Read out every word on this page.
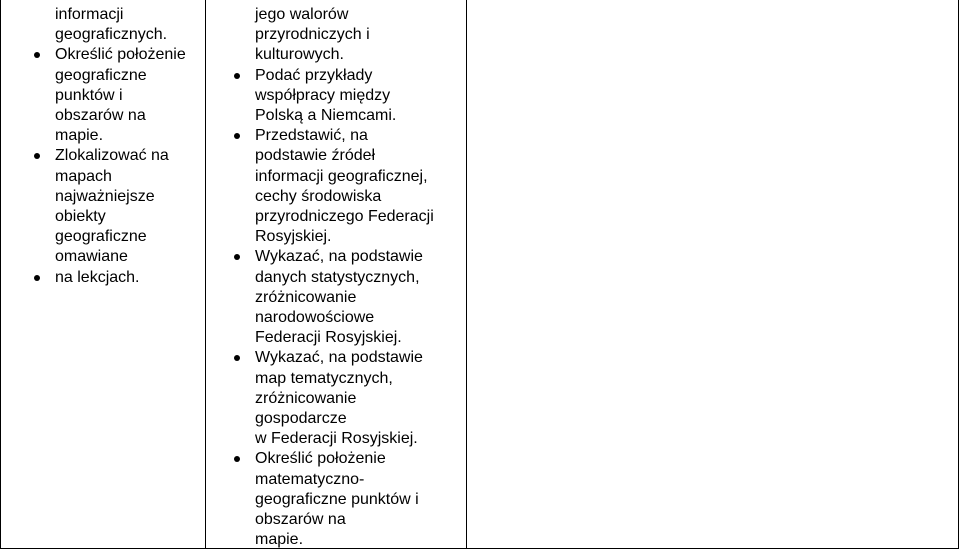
informacji

geograficznych.

Określić położenie
geograficzne
punktów i
obszarów na
mapie.
Zlokalizować na
mapach
najważniejsze
obiekty
geograficzne
omawiane
na lekcjach.

jego walorów

przyrodniczych i

kulturowych.

Podać przykłady
współpracy między
Polską a Niemcami.
Przedstawić, na
podstawie źródeł
informacji geograficznej,
cechy środowiska
przyrodniczego Federacji
Rosyjskiej.
Wykazać, na podstawie
danych statystycznych,
zróżnicowanie
narodowościowe
Federacji Rosyjskiej.
Wykazać, na podstawie
map tematycznych,
zróżnicowanie
gospodarcze
w Federacji Rosyjskiej.
Określić położenie
matematyczno-
geograficzne punktów i
obszarów na
mapie.
